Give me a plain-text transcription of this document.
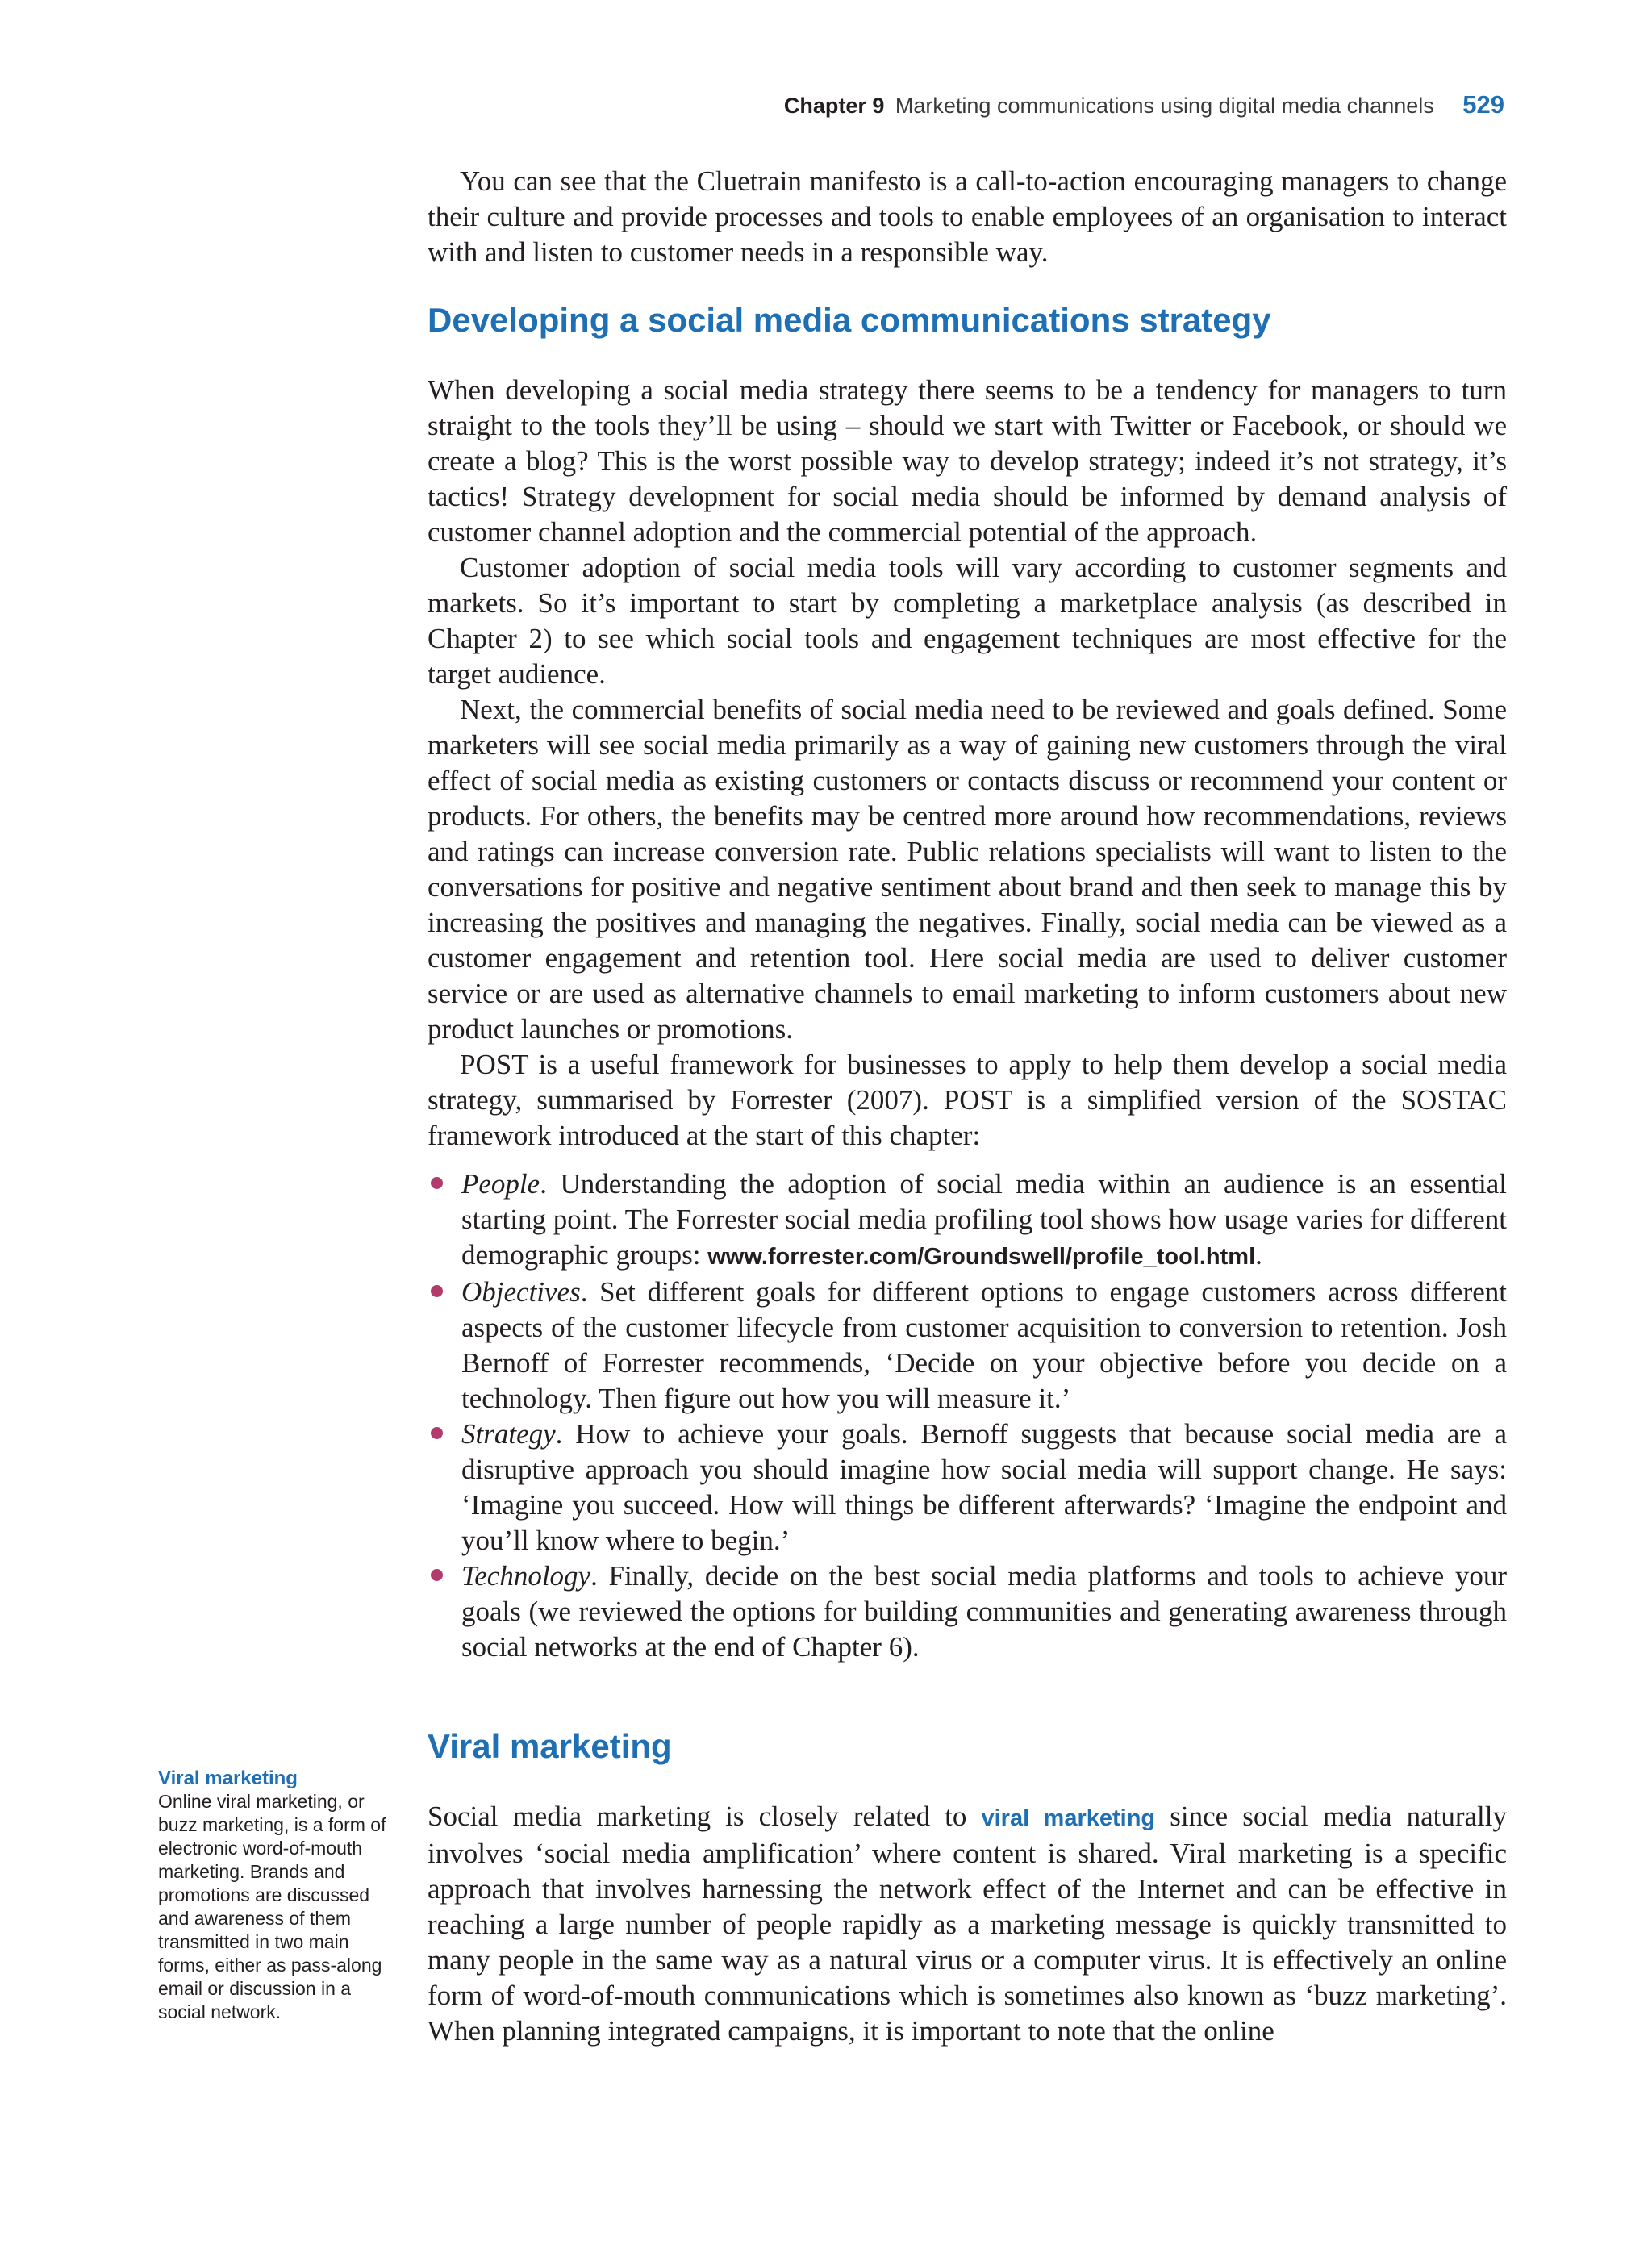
Chapter 9 Marketing communications using digital media channels 529

You can see that the Cluetrain manifesto is a call-to-action encouraging managers to change their culture and provide processes and tools to enable employees of an organisation to interact with and listen to customer needs in a responsible way.

Developing a social media communications strategy

When developing a social media strategy there seems to be a tendency for managers to turn straight to the tools they’ll be using – should we start with Twitter or Facebook, or should we create a blog? This is the worst possible way to develop strategy; indeed it’s not strategy, it’s tactics! Strategy development for social media should be informed by demand analysis of customer channel adoption and the commercial potential of the approach.

Customer adoption of social media tools will vary according to customer segments and markets. So it’s important to start by completing a marketplace analysis (as described in Chapter 2) to see which social tools and engagement techniques are most effective for the target audience.

Next, the commercial benefits of social media need to be reviewed and goals defined. Some marketers will see social media primarily as a way of gaining new customers through the viral effect of social media as existing customers or contacts discuss or recommend your content or products. For others, the benefits may be centred more around how recommendations, reviews and ratings can increase conversion rate. Public relations specialists will want to listen to the conversations for positive and negative sentiment about brand and then seek to manage this by increasing the positives and managing the negatives. Finally, social media can be viewed as a customer engagement and retention tool. Here social media are used to deliver customer service or are used as alternative channels to email marketing to inform customers about new product launches or promotions.

POST is a useful framework for businesses to apply to help them develop a social media strategy, summarised by Forrester (2007). POST is a simplified version of the SOSTAC framework introduced at the start of this chapter:

People. Understanding the adoption of social media within an audience is an essential starting point. The Forrester social media profiling tool shows how usage varies for different demographic groups: www.forrester.com/Groundswell/profile_tool.html.
Objectives. Set different goals for different options to engage customers across different aspects of the customer lifecycle from customer acquisition to conversion to retention. Josh Bernoff of Forrester recommends, ‘Decide on your objective before you decide on a technology. Then figure out how you will measure it.’
Strategy. How to achieve your goals. Bernoff suggests that because social media are a disruptive approach you should imagine how social media will support change. He says: ‘Imagine you succeed. How will things be different afterwards? ‘Imagine the endpoint and you’ll know where to begin.’
Technology. Finally, decide on the best social media platforms and tools to achieve your goals (we reviewed the options for building communities and generating awareness through social networks at the end of Chapter 6).
Viral marketing

Social media marketing is closely related to viral marketing since social media naturally involves ‘social media amplification’ where content is shared. Viral marketing is a specific approach that involves harnessing the network effect of the Internet and can be effective in reaching a large number of people rapidly as a marketing message is quickly transmitted to many people in the same way as a natural virus or a computer virus. It is effectively an online form of word-of-mouth communications which is sometimes also known as ‘buzz marketing’. When planning integrated campaigns, it is important to note that the online

Viral marketing
Online viral marketing, or buzz marketing, is a form of electronic word-of-mouth marketing. Brands and promotions are discussed and awareness of them transmitted in two main forms, either as pass-along email or discussion in a social network.
